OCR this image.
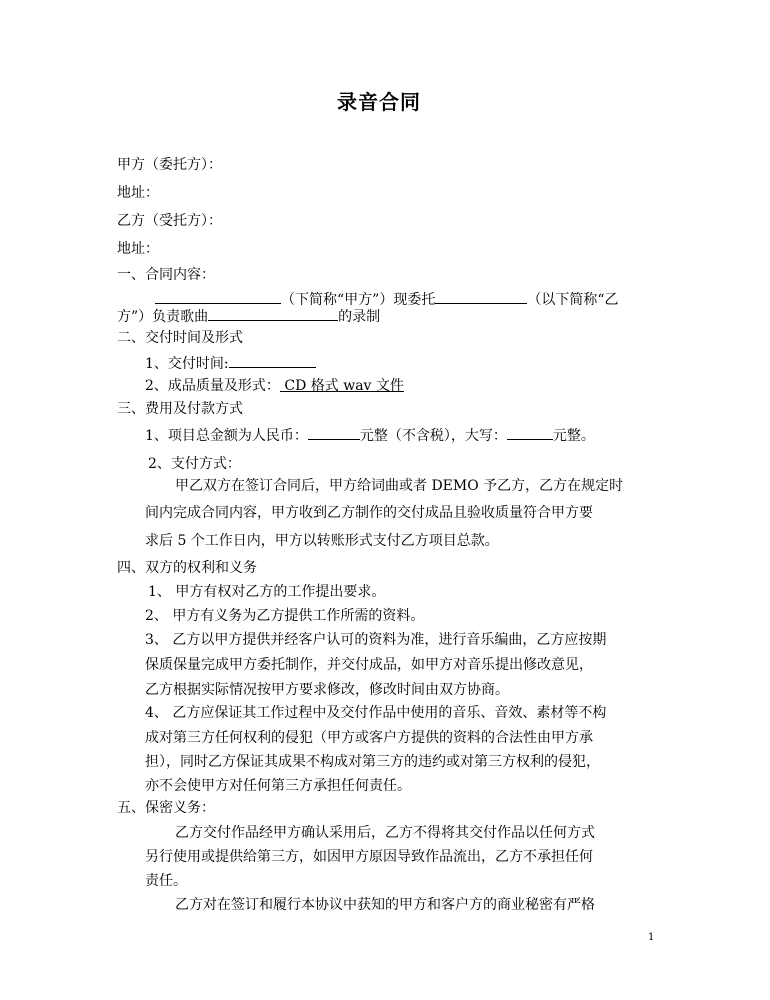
录音合同
甲方（委托方）：
地址：
乙方（受托方）：
地址：
一、合同内容：
（下简称“甲方”）现委托	（以下简称“乙
方”）负责歌曲	的录制
二、交付时间及形式
1、交付时间:
2、成品质量及形式： CD 格式 wav 文件
三、费用及付款方式
1、项目总金额为人民币：	元整（不含税），大写：	元整。
2、支付方式：
甲乙双方在签订合同后，甲方给词曲或者 DEMO 予乙方，乙方在规定时
间内完成合同内容，甲方收到乙方制作的交付成品且验收质量符合甲方要
求后 5 个工作日内，甲方以转账形式支付乙方项目总款。
四、双方的权利和义务
1、 甲方有权对乙方的工作提出要求。
2、 甲方有义务为乙方提供工作所需的资料。
3、 乙方以甲方提供并经客户认可的资料为准，进行音乐编曲，乙方应按期
保质保量完成甲方委托制作，并交付成品，如甲方对音乐提出修改意见，
乙方根据实际情况按甲方要求修改，修改时间由双方协商。
4、 乙方应保证其工作过程中及交付作品中使用的音乐、音效、素材等不构
成对第三方任何权利的侵犯（甲方或客户方提供的资料的合法性由甲方承
担），同时乙方保证其成果不构成对第三方的违约或对第三方权利的侵犯，
亦不会使甲方对任何第三方承担任何责任。
五、保密义务：
乙方交付作品经甲方确认采用后，乙方不得将其交付作品以任何方式
另行使用或提供给第三方，如因甲方原因导致作品流出，乙方不承担任何
责任。
乙方对在签订和履行本协议中获知的甲方和客户方的商业秘密有严格
1
